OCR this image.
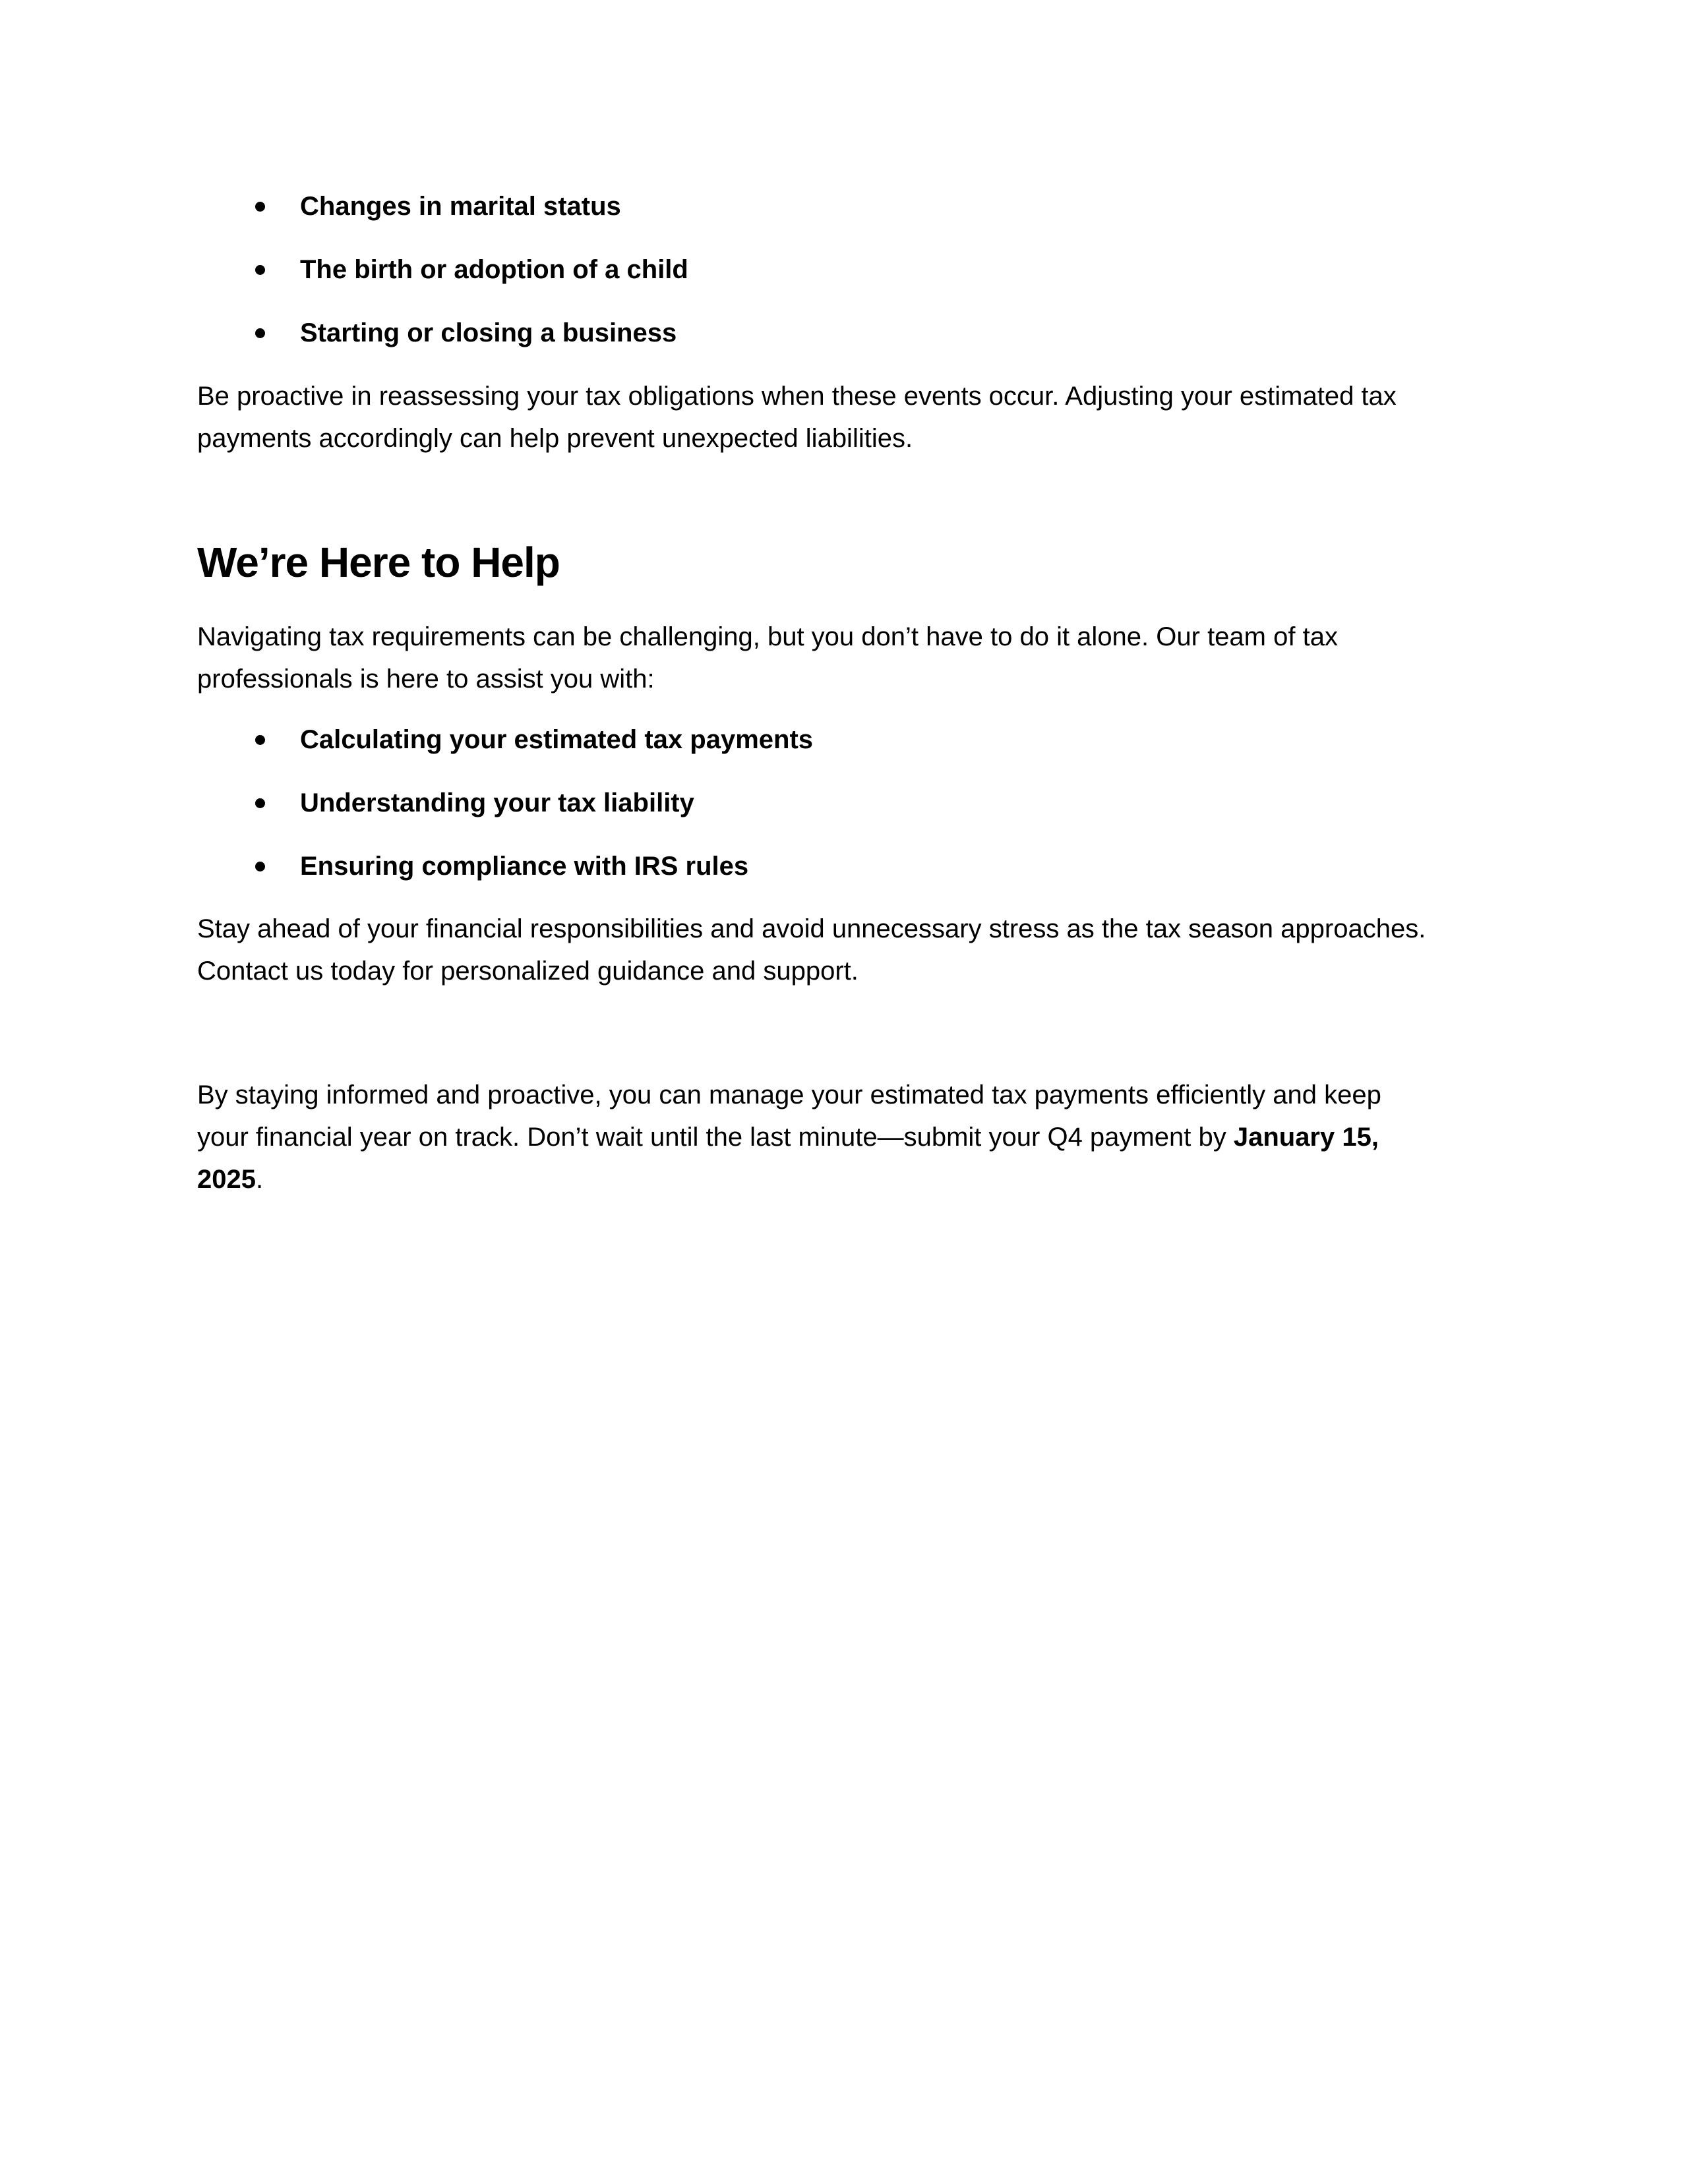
Changes in marital status
The birth or adoption of a child
Starting or closing a business

Be proactive in reassessing your tax obligations when these events occur. Adjusting your estimated tax
payments accordingly can help prevent unexpected liabilities.

We’re Here to Help

Navigating tax requirements can be challenging, but you don’t have to do it alone. Our team of tax
professionals is here to assist you with:

Calculating your estimated tax payments
Understanding your tax liability
Ensuring compliance with IRS rules

Stay ahead of your financial responsibilities and avoid unnecessary stress as the tax season approaches.
Contact us today for personalized guidance and support.

By staying informed and proactive, you can manage your estimated tax payments efficiently and keep
your financial year on track. Don’t wait until the last minute—submit your Q4 payment by January 15,
2025.
